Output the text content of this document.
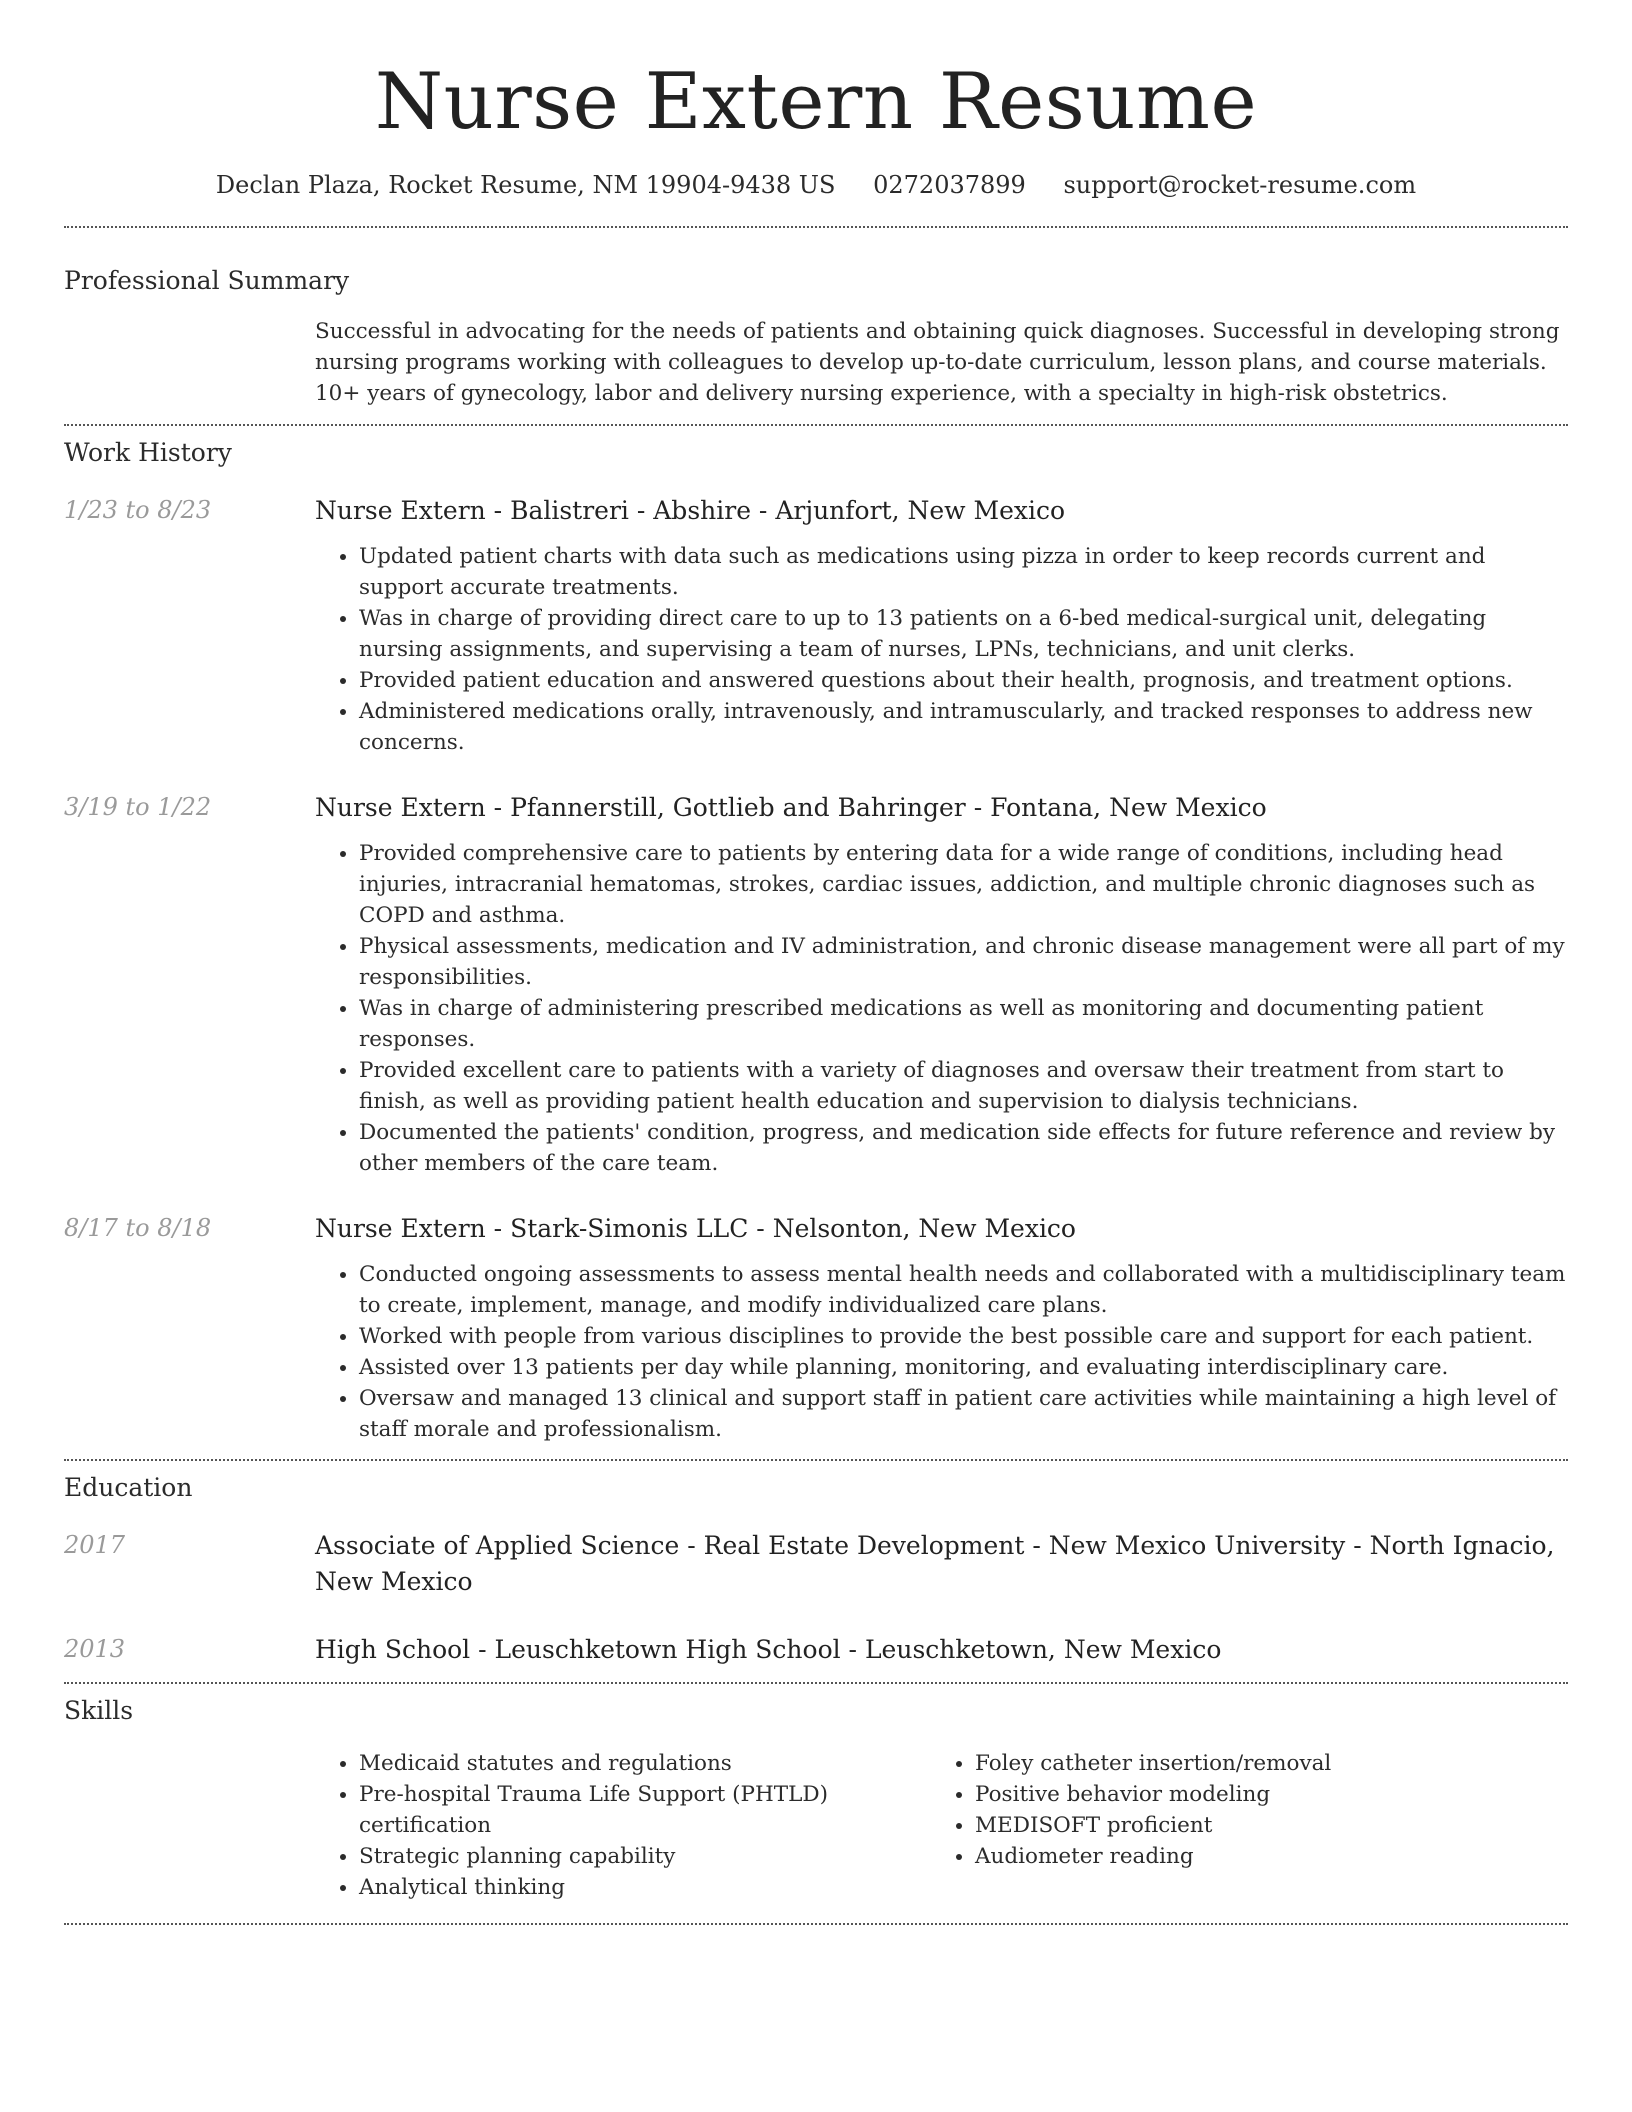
Nurse Extern Resume
Declan Plaza, Rocket Resume, NM 19904-9438 US 0272037899 support@rocket-resume.com
Professional Summary
Successful in advocating for the needs of patients and obtaining quick diagnoses. Successful in developing strong nursing programs working with colleagues to develop up-to-date curriculum, lesson plans, and course materials. 10+ years of gynecology, labor and delivery nursing experience, with a specialty in high-risk obstetrics.
Work History
1/23 to 8/23	Nurse Extern - Balistreri - Abshire - Arjunfort, New Mexico
• Updated patient charts with data such as medications using pizza in order to keep records current and support accurate treatments.
• Was in charge of providing direct care to up to 13 patients on a 6-bed medical-surgical unit, delegating nursing assignments, and supervising a team of nurses, LPNs, technicians, and unit clerks.
• Provided patient education and answered questions about their health, prognosis, and treatment options.
• Administered medications orally, intravenously, and intramuscularly, and tracked responses to address new concerns.
3/19 to 1/22	Nurse Extern - Pfannerstill, Gottlieb and Bahringer - Fontana, New Mexico
• Provided comprehensive care to patients by entering data for a wide range of conditions, including head injuries, intracranial hematomas, strokes, cardiac issues, addiction, and multiple chronic diagnoses such as COPD and asthma.
• Physical assessments, medication and IV administration, and chronic disease management were all part of my responsibilities.
• Was in charge of administering prescribed medications as well as monitoring and documenting patient responses.
• Provided excellent care to patients with a variety of diagnoses and oversaw their treatment from start to finish, as well as providing patient health education and supervision to dialysis technicians.
• Documented the patients' condition, progress, and medication side effects for future reference and review by other members of the care team.
8/17 to 8/18	Nurse Extern - Stark-Simonis LLC - Nelsonton, New Mexico
• Conducted ongoing assessments to assess mental health needs and collaborated with a multidisciplinary team to create, implement, manage, and modify individualized care plans.
• Worked with people from various disciplines to provide the best possible care and support for each patient.
• Assisted over 13 patients per day while planning, monitoring, and evaluating interdisciplinary care.
• Oversaw and managed 13 clinical and support staff in patient care activities while maintaining a high level of staff morale and professionalism.
Education
2017	Associate of Applied Science - Real Estate Development - New Mexico University - North Ignacio, New Mexico
2013	High School - Leuschketown High School - Leuschketown, New Mexico
Skills
• Medicaid statutes and regulations
• Pre-hospital Trauma Life Support (PHTLD) certification
• Strategic planning capability
• Analytical thinking
• Foley catheter insertion/removal
• Positive behavior modeling
• MEDISOFT proficient
• Audiometer reading
